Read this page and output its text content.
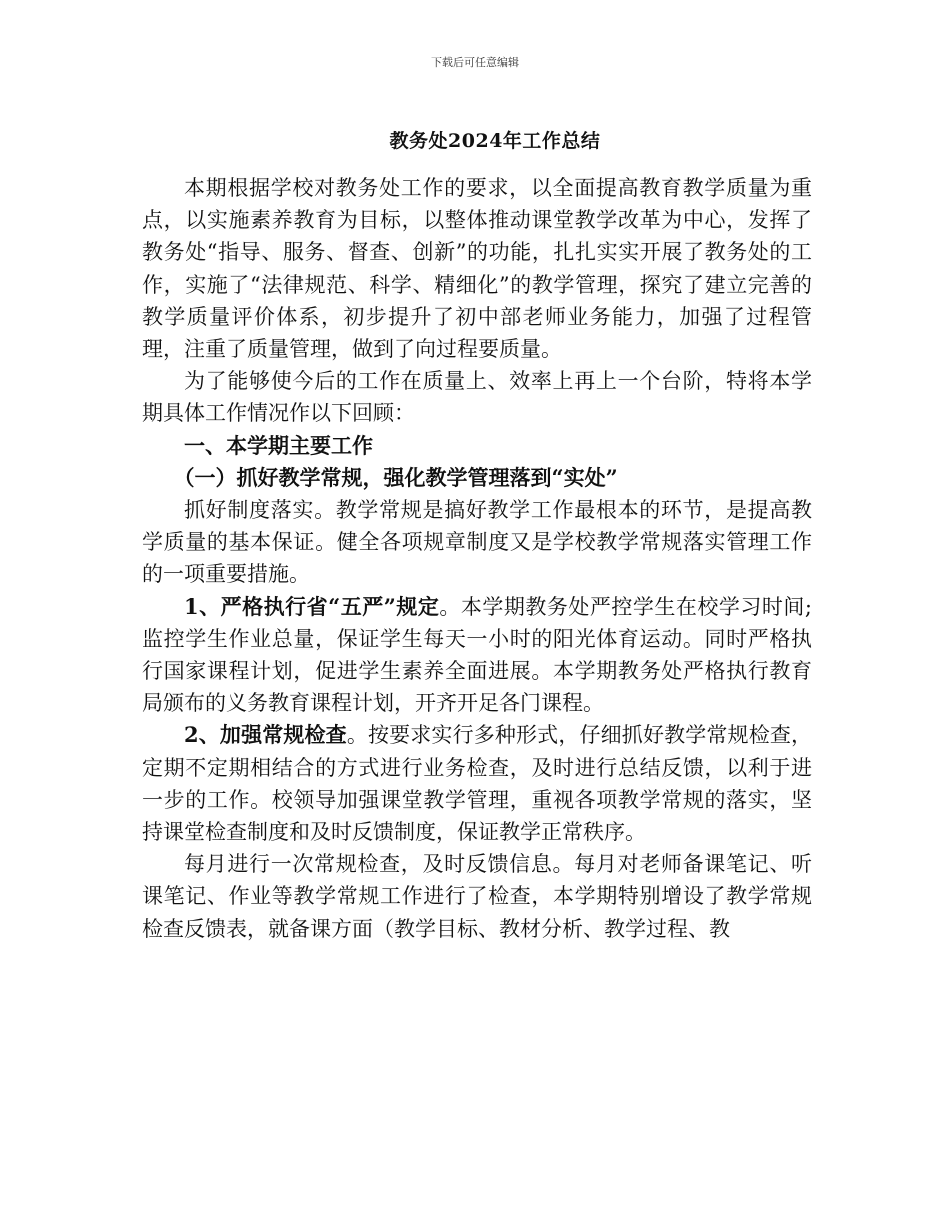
下载后可任意编辑
教务处2024年工作总结

本期根据学校对教务处工作的要求，以全面提高教育教学质量为重点，以实施素养教育为目标，以整体推动课堂教学改革为中心，发挥了教务处“指导、服务、督查、创新”的功能，扎扎实实开展了教务处的工作，实施了“法律规范、科学、精细化”的教学管理，探究了建立完善的教学质量评价体系，初步提升了初中部老师业务能力，加强了过程管理，注重了质量管理，做到了向过程要质量。

为了能够使今后的工作在质量上、效率上再上一个台阶，特将本学期具体工作情况作以下回顾：

一、本学期主要工作

（一）抓好教学常规，强化教学管理落到“实处”

抓好制度落实。教学常规是搞好教学工作最根本的环节，是提高教学质量的基本保证。健全各项规章制度又是学校教学常规落实管理工作的一项重要措施。

1、严格执行省“五严”规定。本学期教务处严控学生在校学习时间;监控学生作业总量，保证学生每天一小时的阳光体育运动。同时严格执行国家课程计划，促进学生素养全面进展。本学期教务处严格执行教育局颁布的义务教育课程计划，开齐开足各门课程。

2、加强常规检查。按要求实行多种形式，仔细抓好教学常规检查，定期不定期相结合的方式进行业务检查，及时进行总结反馈，以利于进一步的工作。校领导加强课堂教学管理，重视各项教学常规的落实，坚持课堂检查制度和及时反馈制度，保证教学正常秩序。

每月进行一次常规检查，及时反馈信息。每月对老师备课笔记、听课笔记、作业等教学常规工作进行了检查，本学期特别增设了教学常规检查反馈表，就备课方面（教学目标、教材分析、教学过程、教
